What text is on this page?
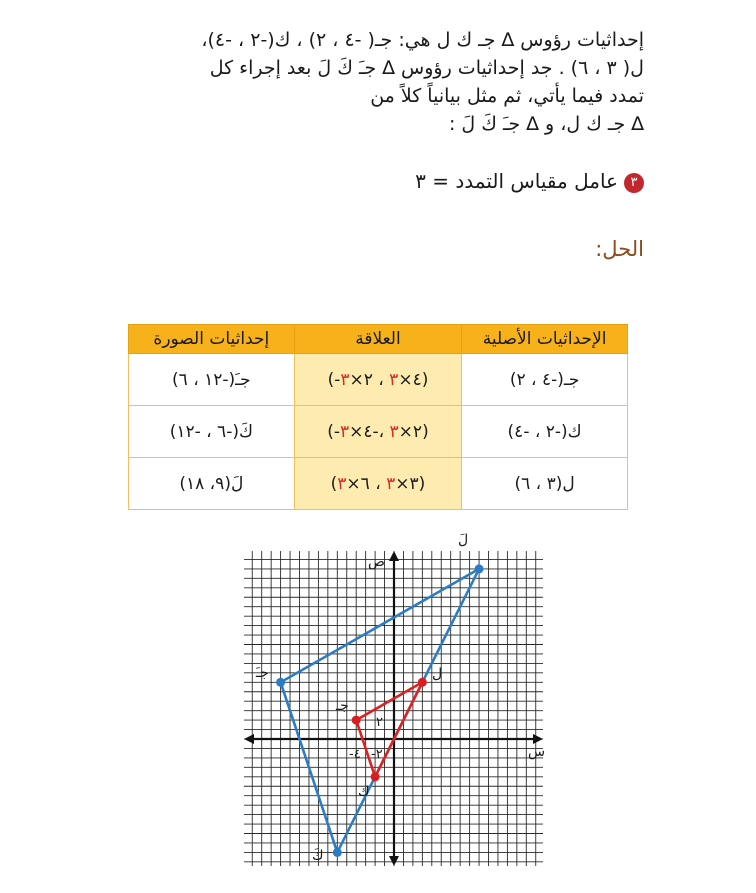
إحداثيات رؤوس ∆ جـ ك ل هي: جـ( -٤ ، ٢) ، ك(-٢ ، -٤)،
ل( ٣ ، ٦) . جد إحداثيات رؤوس ∆ جـَ كَ لَ بعد إجراء كل
تمدد فيما يأتي، ثم مثل بيانياً كلاً من
∆ جـ ك ل، و ∆ جـَ كَ لَ :
٣عامل مقياس التمدد = ٣
الحل:
الإحداثيات الأصلية	العلاقة	إحداثيات الصورة
جـ(-٤ ، ٢)	(-٤×٣ ، ٢×٣ )	جـَ(-١٢ ، ٦)
ك(-٢ ، -٤)	(-٢×٣ ،-٤×٣ )	كَ(-٦ ، -١٢)
ل(٣ ، ٦)	(٣×٣ ، ٦×٣ )	لَ(٩، ١٨)
س
ص
لَ
جـَ
كَ
جـ
ك
ل
٢
-٢
-٤
